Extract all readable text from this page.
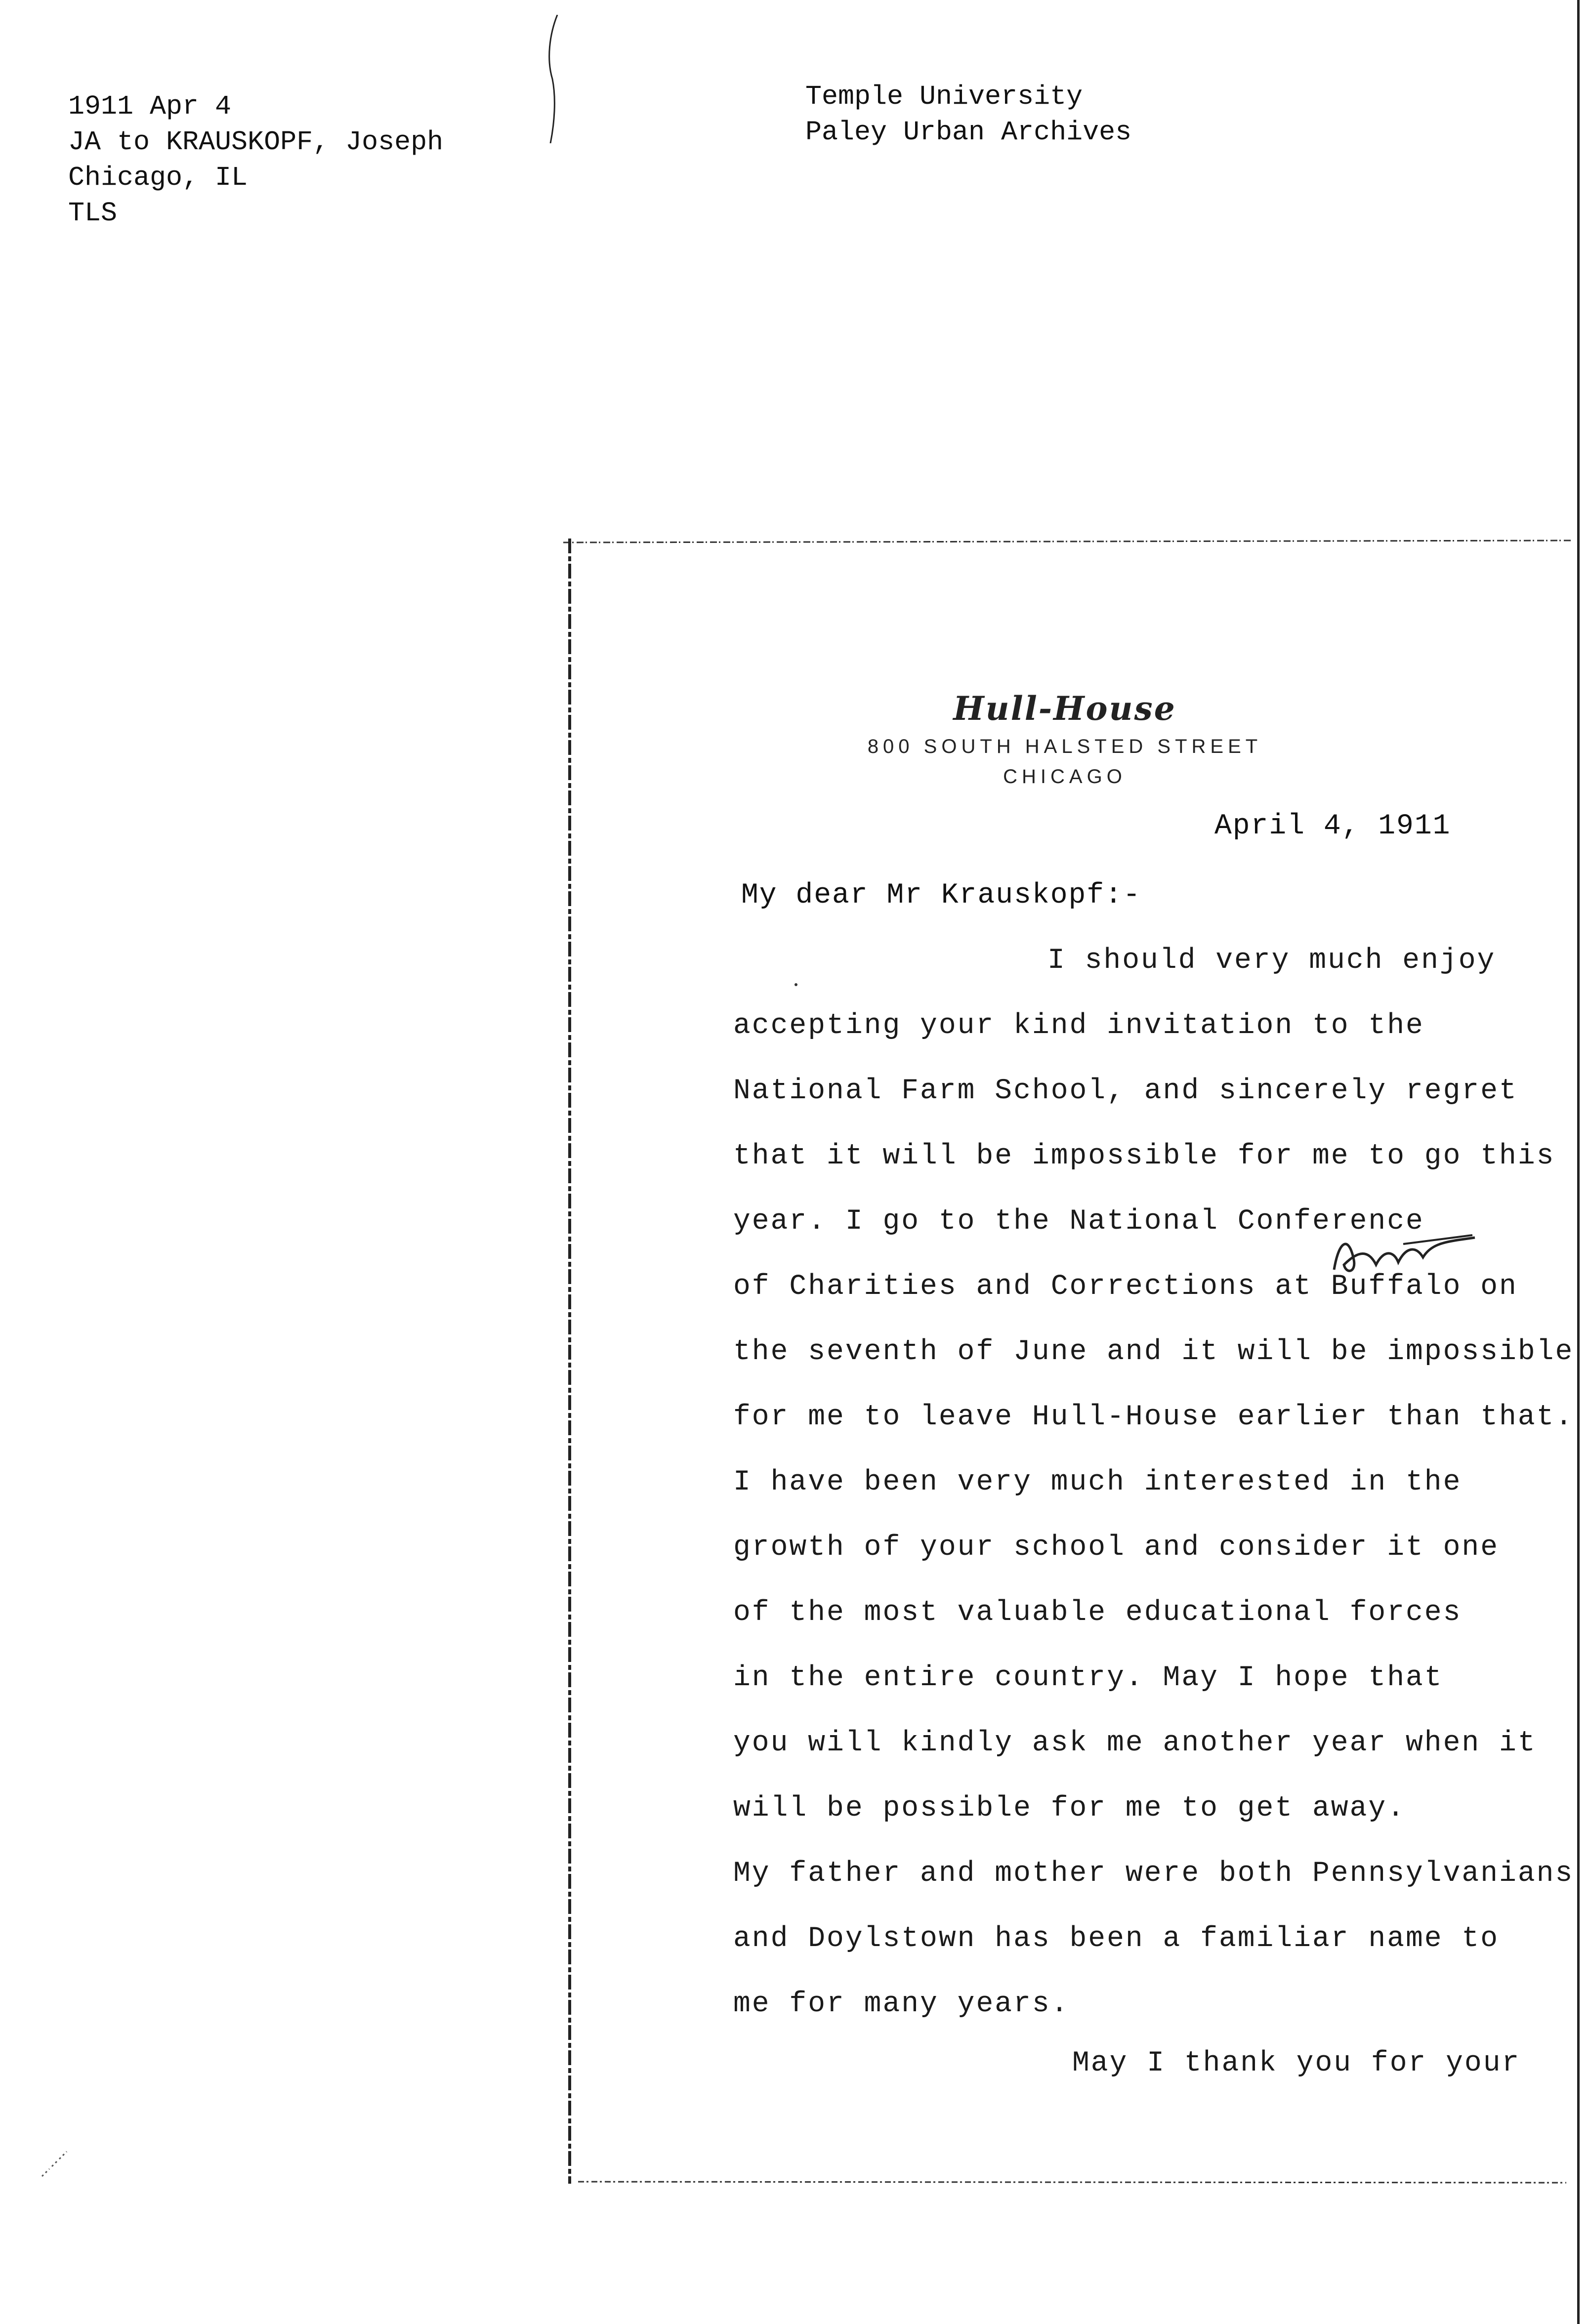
1911 Apr 4
JA to KRAUSKOPF, Joseph
Chicago, IL
TLS
Temple University
Paley Urban Archives
Hull-House
800 SOUTH HALSTED STREET
CHICAGO
April 4, 1911
My dear Mr Krauskopf:-
I should very much enjoy
accepting your kind invitation to the
National Farm School, and sincerely regret
that it will be impossible for me to go this
year. I go to the National Conference
of Charities and Corrections at Buffalo on
the seventh of June and it will be impossible
for me to leave Hull-House earlier than that.
I have been very much interested in the
growth of your school and consider it one
of the most valuable educational forces
in the entire country. May I hope that
you will kindly ask me another year when it
will be possible for me to get away.
My father and mother were both Pennsylvanians
and Doylstown has been a familiar name to
me for many years.
May I thank you for your
